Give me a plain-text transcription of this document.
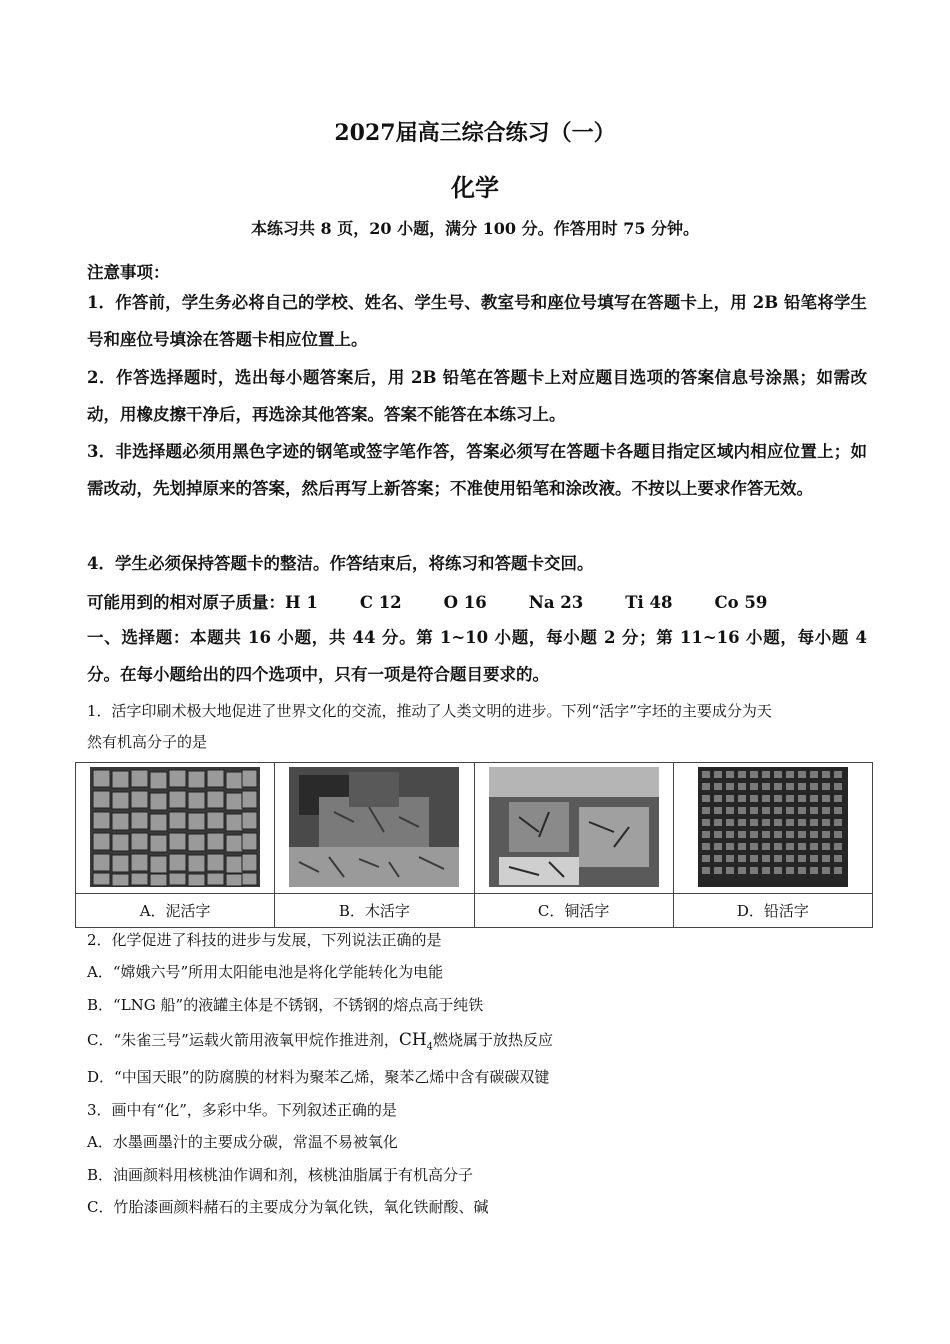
2027届高三综合练习（一）
化学
本练习共 8 页，20 小题，满分 100 分。作答用时 75 分钟。
注意事项：
1．作答前，学生务必将自己的学校、姓名、学生号、教室号和座位号填写在答题卡上，用 2B 铅笔将学生号和座位号填涂在答题卡相应位置上。
2．作答选择题时，选出每小题答案后，用 2B 铅笔在答题卡上对应题目选项的答案信息号涂黑；如需改动，用橡皮擦干净后，再选涂其他答案。答案不能答在本练习上。
3．非选择题必须用黑色字迹的钢笔或签字笔作答，答案必须写在答题卡各题目指定区域内相应位置上；如需改动，先划掉原来的答案，然后再写上新答案；不准使用铅笔和涂改液。不按以上要求作答无效。
4．学生必须保持答题卡的整洁。作答结束后，将练习和答题卡交回。
可能用到的相对原子质量：H 1	C 12	O 16	Na 23	Ti 48	Co 59
一、选择题：本题共 16 小题，共 44 分。第 1~10 小题，每小题 2 分；第 11~16 小题，每小题 4 分。在每小题给出的四个选项中，只有一项是符合题目要求的。
1．活字印刷术极大地促进了世界文化的交流，推动了人类文明的进步。下列“活字”字坯的主要成分为天
然有机高分子的是

A．泥活字	B．木活字	C．铜活字	D．铅活字
2．化学促进了科技的进步与发展，下列说法正确的是
A．“嫦娥六号”所用太阳能电池是将化学能转化为电能
B．“LNG 船”的液罐主体是不锈钢，不锈钢的熔点高于纯铁
C．“朱雀三号”运载火箭用液氧甲烷作推进剂，$CH_4$燃烧属于放热反应
D．“中国天眼”的防腐膜的材料为聚苯乙烯，聚苯乙烯中含有碳碳双键
3．画中有“化”，多彩中华。下列叙述正确的是
A．水墨画墨汁的主要成分碳，常温不易被氧化
B．油画颜料用核桃油作调和剂，核桃油脂属于有机高分子
C．竹胎漆画颜料赭石的主要成分为氧化铁，氧化铁耐酸、碱
